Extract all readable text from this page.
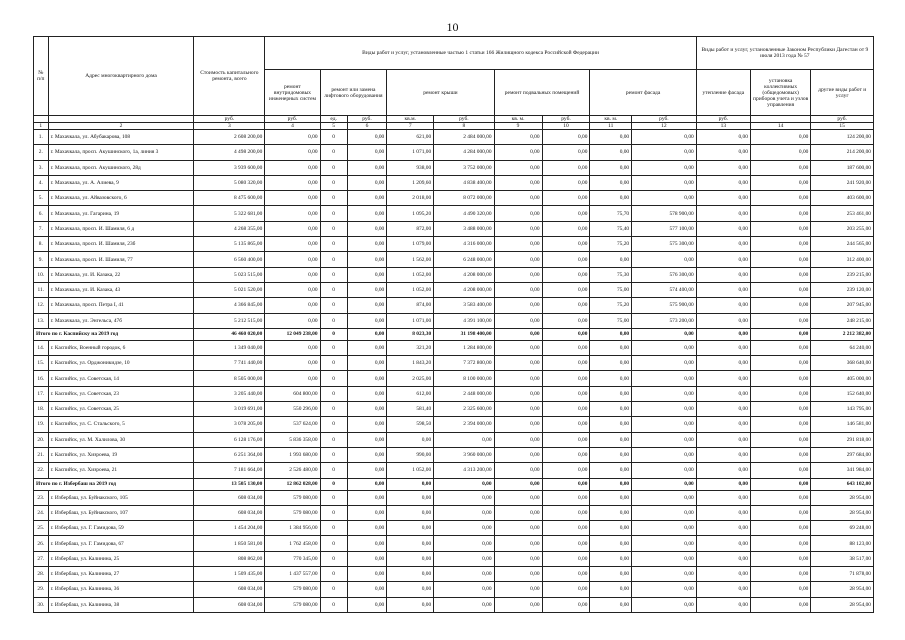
10
№ п/п	Адрес многоквартирного дома	Стоимость капитального ремонта, всего	Виды работ и услуг, установленные частью 1 статьи 166 Жилищного кодекса Российской Федерации									Виды работ и услуг, установленные Законом Республики Дагестан от 9 июля 2013 года № 57		
			ремонт внутридомовых инженерных систем	ремонт или замена лифтового оборудования		ремонт крыши		ремонт подвальных помещений		ремонт фасада		утепление фасада	установка коллективных (общедомовых) приборов учета и узлов управления	другие виды работ и услуг
		руб.	руб.	ед.	руб.	кв.м.	руб.	кв. м.	руб.	кв. м.	руб.	руб.		руб.
1	2	3	4	5	6	7	8	9	10	11	12	13	14	15
1.	г. Махачкала, ул. Абубакарова, 108	2 608 200,00	0,00	0	0,00	621,00	2 484 000,00	0,00	0,00	0,00	0,00	0,00	0,00	124 200,00
2.	г. Махачкала, просп. Акушинского, 1а, линия 3	4 498 200,00	0,00	0	0,00	1 071,00	4 284 000,00	0,00	0,00	0,00	0,00	0,00	0,00	214 200,00
3.	г. Махачкала, просп. Акушинского, 28д	3 939 600,00	0,00	0	0,00	938,00	3 752 000,00	0,00	0,00	0,00	0,00	0,00	0,00	187 600,00
4.	г. Махачкала, ул. А. Алиева, 9	5 080 320,00	0,00	0	0,00	1 209,60	4 838 400,00	0,00	0,00	0,00	0,00	0,00	0,00	241 920,00
5.	г. Махачкала, ул. Айвазовского, 6	8 475 600,00	0,00	0	0,00	2 018,00	8 072 000,00	0,00	0,00	0,00	0,00	0,00	0,00	403 600,00
6.	г. Махачкала, ул. Гагарина, 19	5 322 681,00	0,00	0	0,00	1 095,20	4 490 320,00	0,00	0,00	75,70	578 900,00	0,00	0,00	253 461,00
7.	г. Махачкала, просп. И. Шамиля, 6 д	4 268 355,00	0,00	0	0,00	872,00	3 488 000,00	0,00	0,00	75,40	577 100,00	0,00	0,00	203 255,00
8.	г. Махачкала, просп. И. Шамиля, 23б	5 135 865,00	0,00	0	0,00	1 079,00	4 316 000,00	0,00	0,00	75,20	575 300,00	0,00	0,00	244 565,00
9.	г. Махачкала, просп. И. Шамиля, 77	6 560 400,00	0,00	0	0,00	1 562,00	6 248 000,00	0,00	0,00	0,00	0,00	0,00	0,00	312 400,00
10.	г. Махачкала, ул. И. Казака, 22	5 023 515,00	0,00	0	0,00	1 052,00	4 208 000,00	0,00	0,00	75,30	576 300,00	0,00	0,00	239 215,00
11.	г. Махачкала, ул. И. Казака, 43	5 021 520,00	0,00	0	0,00	1 052,00	4 208 000,00	0,00	0,00	75,00	574 400,00	0,00	0,00	239 120,00
12.	г. Махачкала, просп. Петра I, 41	4 366 845,00	0,00	0	0,00	874,00	3 583 400,00	0,00	0,00	75,20	575 900,00	0,00	0,00	207 945,00
13.	г. Махачкала, ул. Энгельса, 47б	5 212 515,00	0,00	0	0,00	1 071,00	4 391 100,00	0,00	0,00	75,00	573 200,00	0,00	0,00	248 215,00
Итого по г. Каспийску на 2019 год		46 460 020,00	12 049 238,00	0	0,00	8 023,30	31 198 400,00	0,00	0,00	0,00	0,00	0,00	0,00	2 212 382,00
14.	г. Каспийск, Военный городок, 6	1 349 040,00	0,00	0	0,00	321,20	1 284 800,00	0,00	0,00	0,00	0,00	0,00	0,00	64 240,00
15.	г. Каспийск, ул. Орджоникидзе, 10	7 741 440,00	0,00	0	0,00	1 843,20	7 372 800,00	0,00	0,00	0,00	0,00	0,00	0,00	368 640,00
16.	г. Каспийск, ул. Советская, 14	8 505 000,00	0,00	0	0,00	2 025,00	8 100 000,00	0,00	0,00	0,00	0,00	0,00	0,00	405 000,00
17.	г. Каспийск, ул. Советская, 23	3 205 440,00	604 800,00	0	0,00	612,00	2 448 000,00	0,00	0,00	0,00	0,00	0,00	0,00	152 640,00
18.	г. Каспийск, ул. Советская, 25	3 019 691,00	550 296,00	0	0,00	581,40	2 325 600,00	0,00	0,00	0,00	0,00	0,00	0,00	143 795,00
19.	г. Каспийск, ул. С. Стальского, 5	3 078 205,00	537 624,00	0	0,00	598,50	2 394 000,00	0,00	0,00	0,00	0,00	0,00	0,00	146 581,00
20.	г. Каспийск, ул. М. Халилова, 30	6 128 176,00	5 836 358,00	0	0,00	0,00	0,00	0,00	0,00	0,00	0,00	0,00	0,00	291 818,00
21.	г. Каспийск, ул. Хизроева, 19	6 251 364,00	1 993 680,00	0	0,00	990,00	3 960 000,00	0,00	0,00	0,00	0,00	0,00	0,00	297 684,00
22.	г. Каспийск, ул. Хизроева, 21	7 181 664,00	2 526 480,00	0	0,00	1 052,00	4 313 200,00	0,00	0,00	0,00	0,00	0,00	0,00	341 984,00
Итого по г. Избербаш на 2019 год		13 505 130,00	12 862 028,00	0	0,00	0,00	0,00	0,00	0,00	0,00	0,00	0,00	0,00	643 102,00
23.	г. Избербаш, ул. Буйнакского, 105	608 034,00	579 080,00	0	0,00	0,00	0,00	0,00	0,00	0,00	0,00	0,00	0,00	28 954,00
24.	г. Избербаш, ул. Буйнакского, 107	608 034,00	579 080,00	0	0,00	0,00	0,00	0,00	0,00	0,00	0,00	0,00	0,00	28 954,00
25.	г. Избербаш, ул. Г. Гамидова, 59	1 454 204,00	1 384 956,00	0	0,00	0,00	0,00	0,00	0,00	0,00	0,00	0,00	0,00	69 248,00
26.	г. Избербаш, ул. Г. Гамидова, 67	1 850 581,00	1 762 458,00	0	0,00	0,00	0,00	0,00	0,00	0,00	0,00	0,00	0,00	88 123,00
27.	г. Избербаш, ул. Калинина, 25	808 862,00	770 345,00	0	0,00	0,00	0,00	0,00	0,00	0,00	0,00	0,00	0,00	38 517,00
28.	г. Избербаш, ул. Калинина, 27	1 509 435,00	1 437 557,00	0	0,00	0,00	0,00	0,00	0,00	0,00	0,00	0,00	0,00	71 878,00
29.	г. Избербаш, ул. Калинина, 36	608 034,00	579 080,00	0	0,00	0,00	0,00	0,00	0,00	0,00	0,00	0,00	0,00	28 954,00
30.	г. Избербаш, ул. Калинина, 38	608 034,00	579 080,00	0	0,00	0,00	0,00	0,00	0,00	0,00	0,00	0,00	0,00	28 954,00
